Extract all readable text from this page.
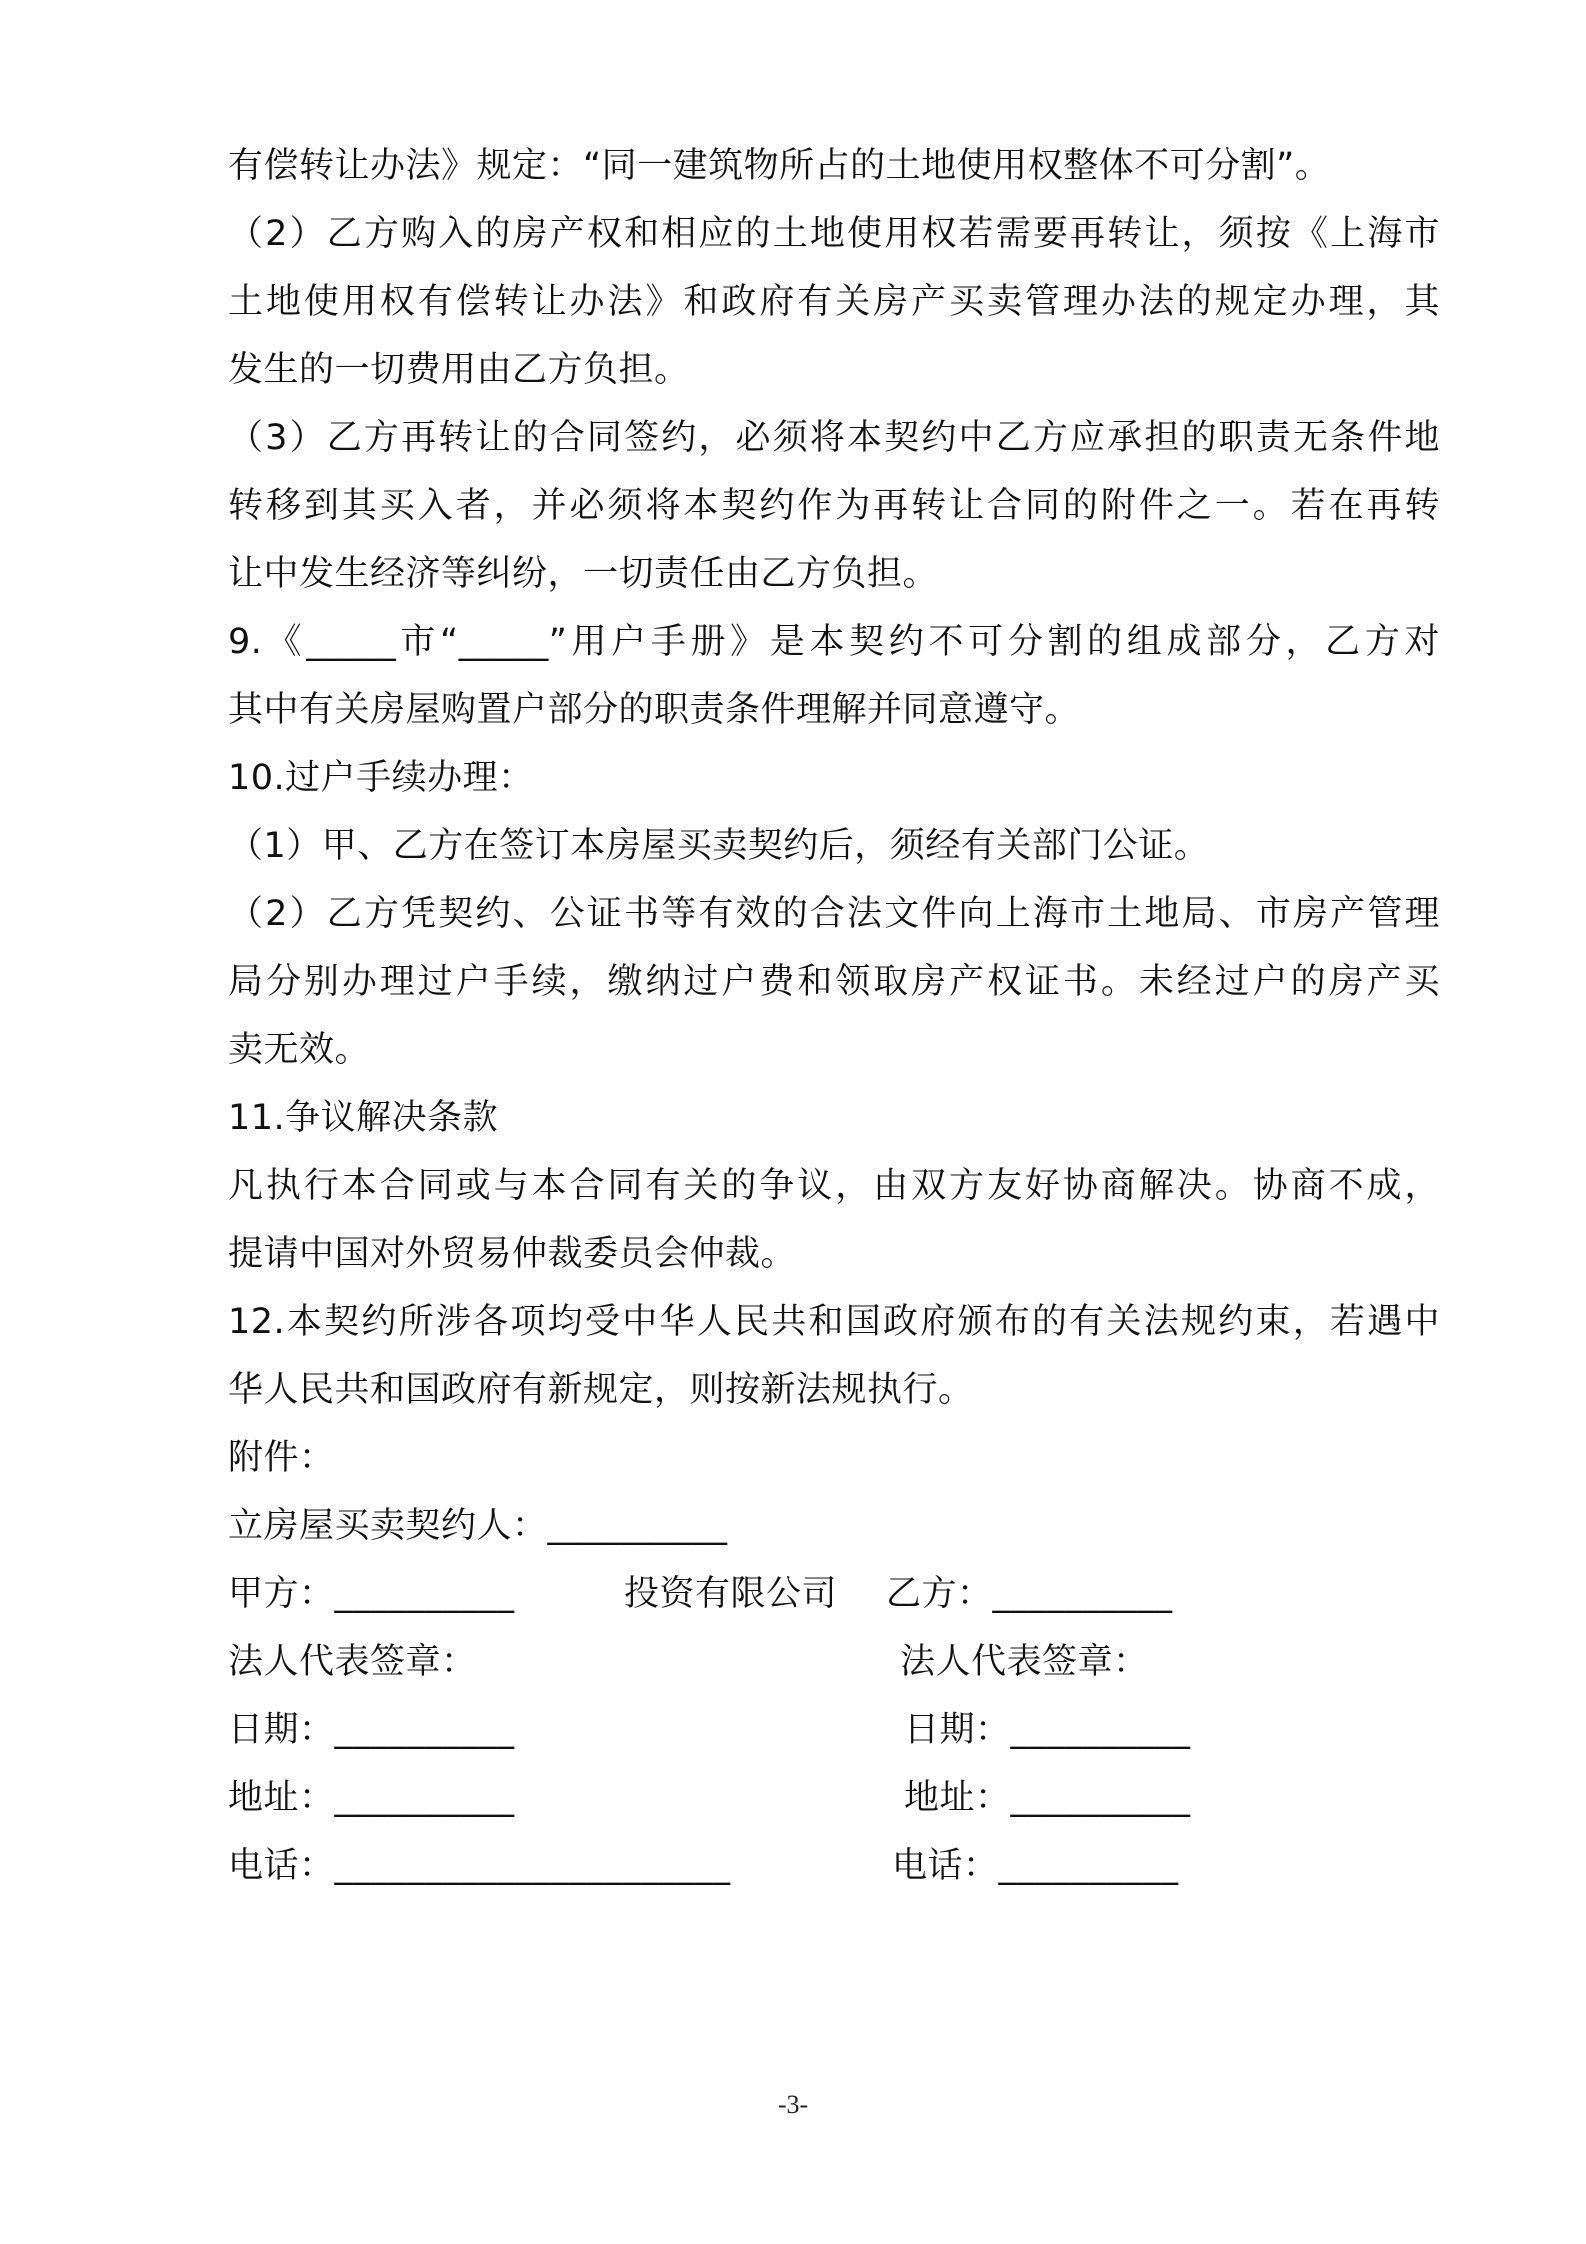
有偿转让办法》规定：“同一建筑物所占的土地使用权整体不可分割”。
（2）乙方购入的房产权和相应的土地使用权若需要再转让，须按《上海市
土地使用权有偿转让办法》和政府有关房产买卖管理办法的规定办理，其
发生的一切费用由乙方负担。
（3）乙方再转让的合同签约，必须将本契约中乙方应承担的职责无条件地
转移到其买入者，并必须将本契约作为再转让合同的附件之一。若在再转
让中发生经济等纠纷，一切责任由乙方负担。
9.《_____市“_____”用户手册》是本契约不可分割的组成部分，乙方对
其中有关房屋购置户部分的职责条件理解并同意遵守。
10.过户手续办理：
（1）甲、乙方在签订本房屋买卖契约后，须经有关部门公证。
（2）乙方凭契约、公证书等有效的合法文件向上海市土地局、市房产管理
局分别办理过户手续，缴纳过户费和领取房产权证书。未经过户的房产买
卖无效。
11.争议解决条款
凡执行本合同或与本合同有关的争议，由双方友好协商解决。协商不成，
提请中国对外贸易仲裁委员会仲裁。
12.本契约所涉各项均受中华人民共和国政府颁布的有关法规约束，若遇中
华人民共和国政府有新规定，则按新法规执行。
附件：
立房屋买卖契约人：__________
甲方：__________	投资有限公司 乙方：__________
法人代表签章：	法人代表签章：
日期：__________	日期：__________
地址：__________	地址：__________
电话：______________________	电话：__________
-3-
